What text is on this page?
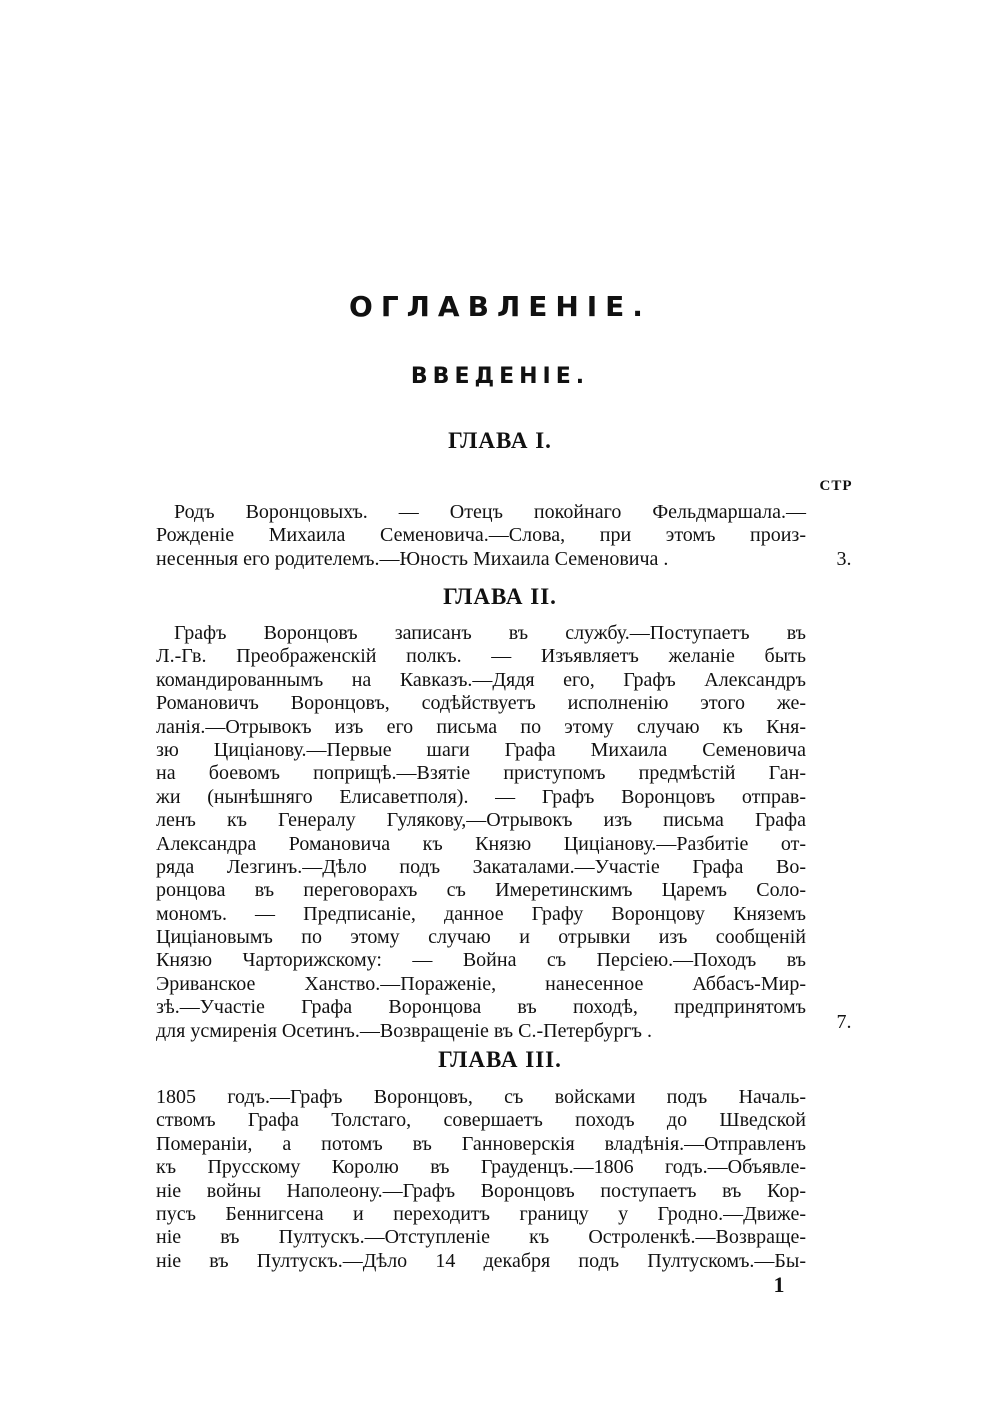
ОГЛАВЛЕНІЕ.
ВВЕДЕНІЕ.
ГЛАВА I.
СТР
Родъ Воронцовыхъ. — Отецъ покойнаго Фельдмаршала.—
Рожденіе Михаила Семеновича.—Слова, при этомъ произ-
несенныя его родителемъ.—Юность Михаила Семеновича .	3.
ГЛАВА II.
Графъ Воронцовъ записанъ въ службу.—Поступаетъ въ
Л.-Гв. Преображенскій полкъ. — Изъявляетъ желаніе быть
командированнымъ на Кавказъ.—Дядя его, Графъ Александръ
Романовичъ Воронцовъ, содѣйствуетъ исполненію этого же-
ланія.—Отрывокъ изъ его письма по этому случаю къ Кня-
зю Циціанову.—Первые шаги Графа Михаила Семеновича
на боевомъ поприщѣ.—Взятіе приступомъ предмѣстій Ган-
жи (нынѣшняго Елисаветполя). — Графъ Воронцовъ отправ-
ленъ къ Генералу Гулякову,—Отрывокъ изъ письма Графа
Александра Романовича къ Князю Циціанову.—Разбитіе от-
ряда Лезгинъ.—Дѣло подъ Закаталами.—Участіе Графа Во-
ронцова въ переговорахъ съ Имеретинскимъ Царемъ Соло-
мономъ. — Предписаніе, данное Графу Воронцову Княземъ
Циціановымъ по этому случаю и отрывки изъ сообщеній
Князю Чарторижскому: — Война съ Персіею.—Походъ въ
Эриванское Ханство.—Пораженіе, нанесенное Аббасъ-Мир-
зѣ.—Участіе Графа Воронцова въ походѣ, предпринятомъ
для усмиренія Осетинъ.—Возвращеніе въ С.-Петербургъ .	7.
ГЛАВА III.
1805 годъ.—Графъ Воронцовъ, съ войсками подъ Началь-
ствомъ Графа Толстаго, совершаетъ походъ до Шведской
Помераніи, а потомъ въ Ганноверскія владѣнія.—Отправленъ
къ Прусскому Королю въ Грауденцъ.—1806 годъ.—Объявле-
ніе войны Наполеону.—Графъ Воронцовъ поступаетъ въ Кор-
пусъ Беннигсена и переходитъ границу у Гродно.—Движе-
ніе въ Пултускъ.—Отступленіе къ Остроленкѣ.—Возвраще-
ніе въ Пултускъ.—Дѣло 14 декабря подъ Пултускомъ.—Бы-
1
